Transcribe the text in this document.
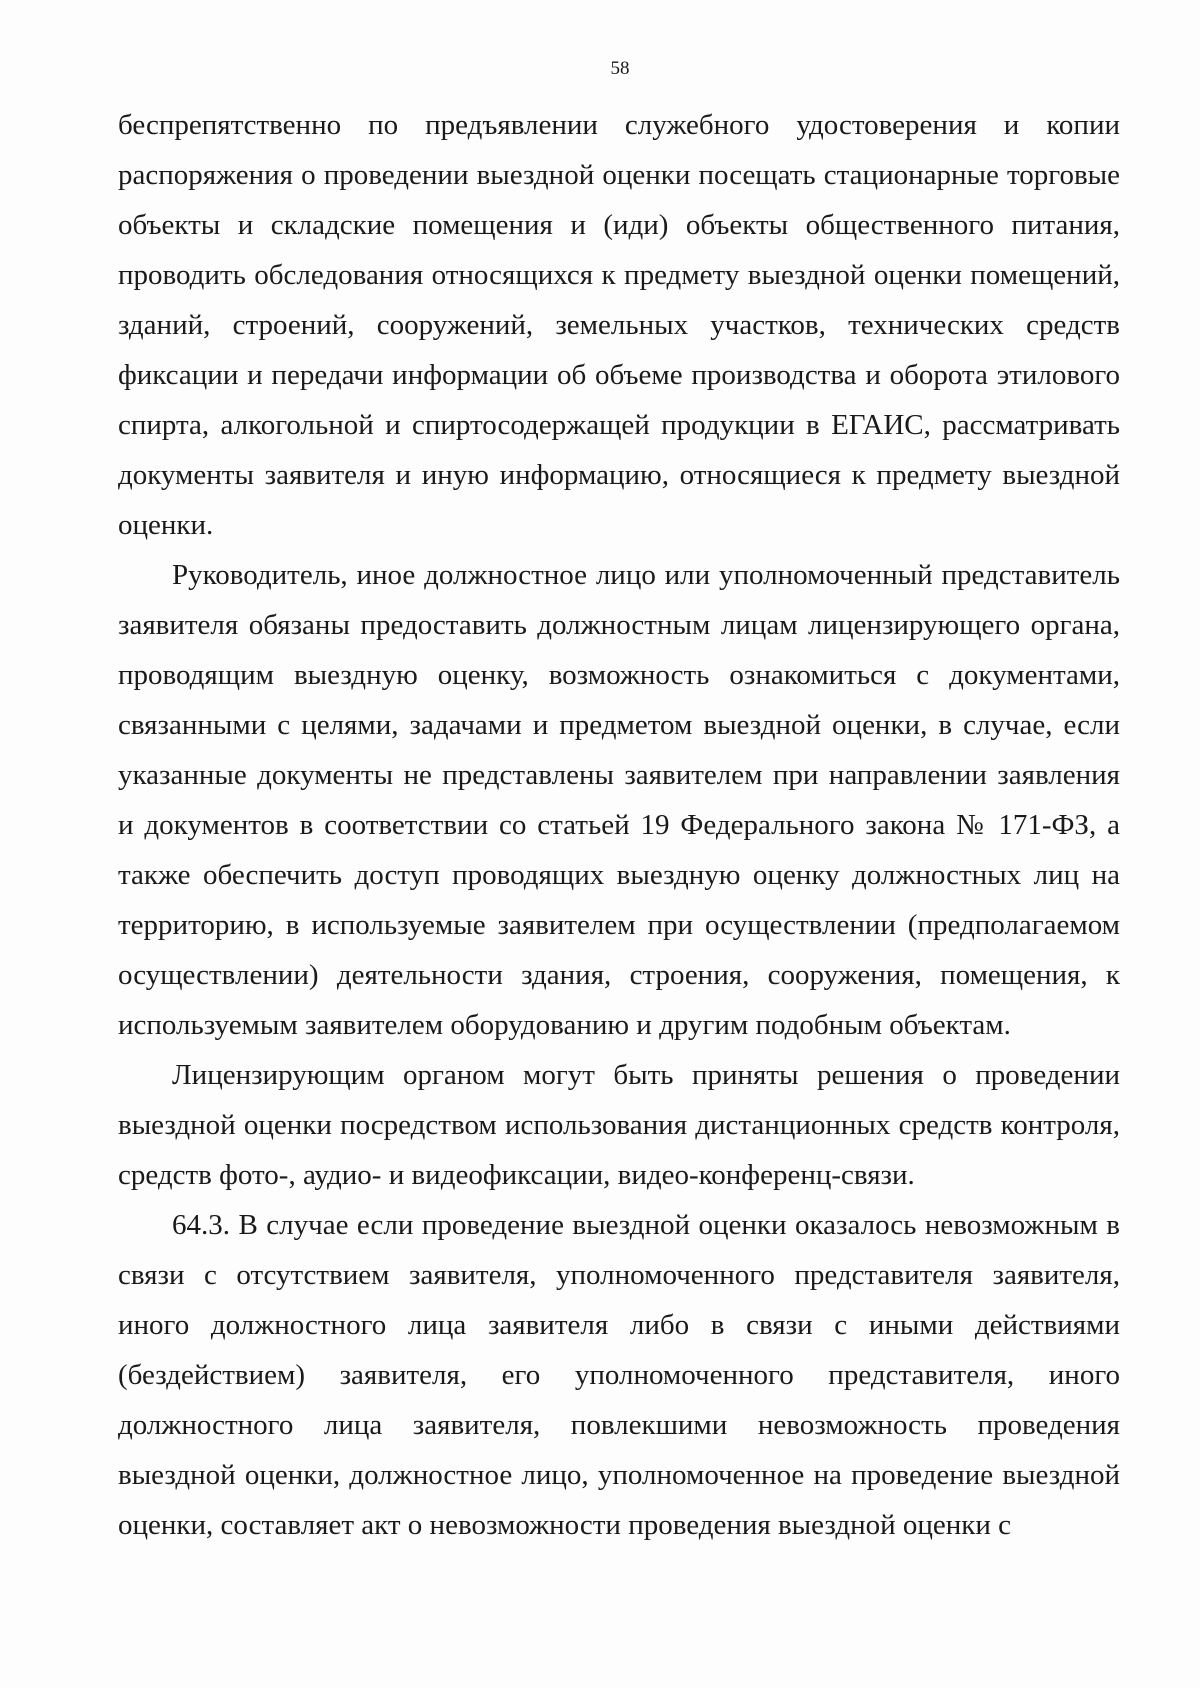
58

беспрепятственно по предъявлении служебного удостоверения и копии распоряжения о проведении выездной оценки посещать стационарные торговые объекты и складские помещения и (иди) объекты общественного питания, проводить обследования относящихся к предмету выездной оценки помещений, зданий, строений, сооружений, земельных участков, технических средств фиксации и передачи информации об объеме производства и оборота этилового спирта, алкогольной и спиртосодержащей продукции в ЕГАИС, рассматривать документы заявителя и иную информацию, относящиеся к предмету выездной оценки.

Руководитель, иное должностное лицо или уполномоченный представитель заявителя обязаны предоставить должностным лицам лицензирующего органа, проводящим выездную оценку, возможность ознакомиться с документами, связанными с целями, задачами и предметом выездной оценки, в случае, если указанные документы не представлены заявителем при направлении заявления и документов в соответствии со статьей 19 Федерального закона № 171-ФЗ, а также обеспечить доступ проводящих выездную оценку должностных лиц на территорию, в используемые заявителем при осуществлении (предполагаемом осуществлении) деятельности здания, строения, сооружения, помещения, к используемым заявителем оборудованию и другим подобным объектам.

Лицензирующим органом могут быть приняты решения о проведении выездной оценки посредством использования дистанционных средств контроля, средств фото-, аудио- и видеофиксации, видео-конференц-связи.

64.3. В случае если проведение выездной оценки оказалось невозможным в связи с отсутствием заявителя, уполномоченного представителя заявителя, иного должностного лица заявителя либо в связи с иными действиями (бездействием) заявителя, его уполномоченного представителя, иного должностного лица заявителя, повлекшими невозможность проведения выездной оценки, должностное лицо, уполномоченное на проведение выездной оценки, составляет акт о невозможности проведения выездной оценки с
